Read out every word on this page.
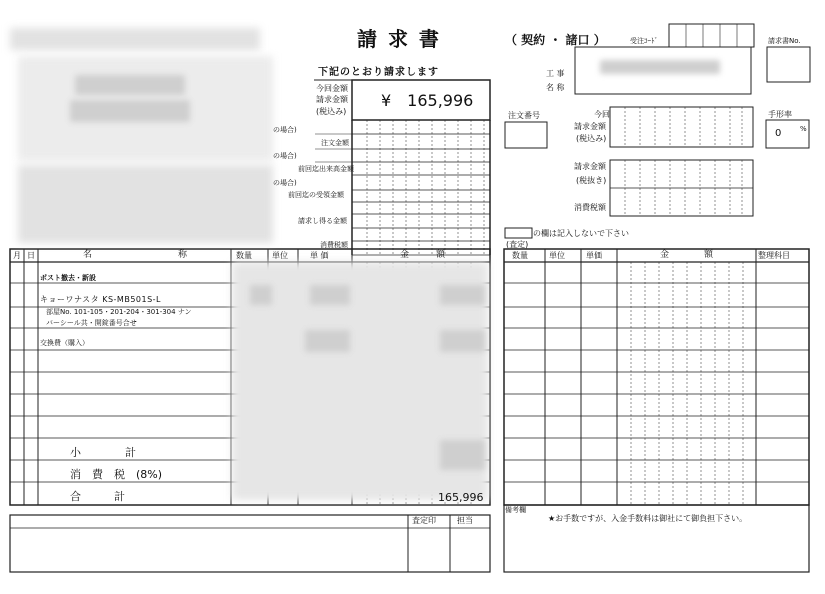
請 求 書	（ 契約 ・ 諸口 ）	受注ｺｰﾄﾞ	請求書No.
工 事
名 称
下記のとおり請求します
今回金額
請求金額
(税込み)
¥　165,996
の場合)
注文金額
の場合)
前回迄出来高金額
の場合)
前回迄の受領金額
請求し得る金額
消費税額
注文番号	今回
請求金額
(税込み)
手形率
0	%
請求金額
(税抜き)
消費税額
の欄は記入しないで下さい
(査定)
月 日	名	称	数量	単位	単 価	金	額
ポスト撤去・新設
キョーワナスタ KS-MB501S-L
部屋No. 101-105・201-204・301-304 ナン
バーシール共・開錠番号合せ
交換費（購入）
小　　　　計
消　費　税　(8%)
合　　　計	165,996
数量	単位	単価	金	額	整理科目
査定印	担当
備考欄
★お手数ですが、入金手数料は御社にて御負担下さい。
